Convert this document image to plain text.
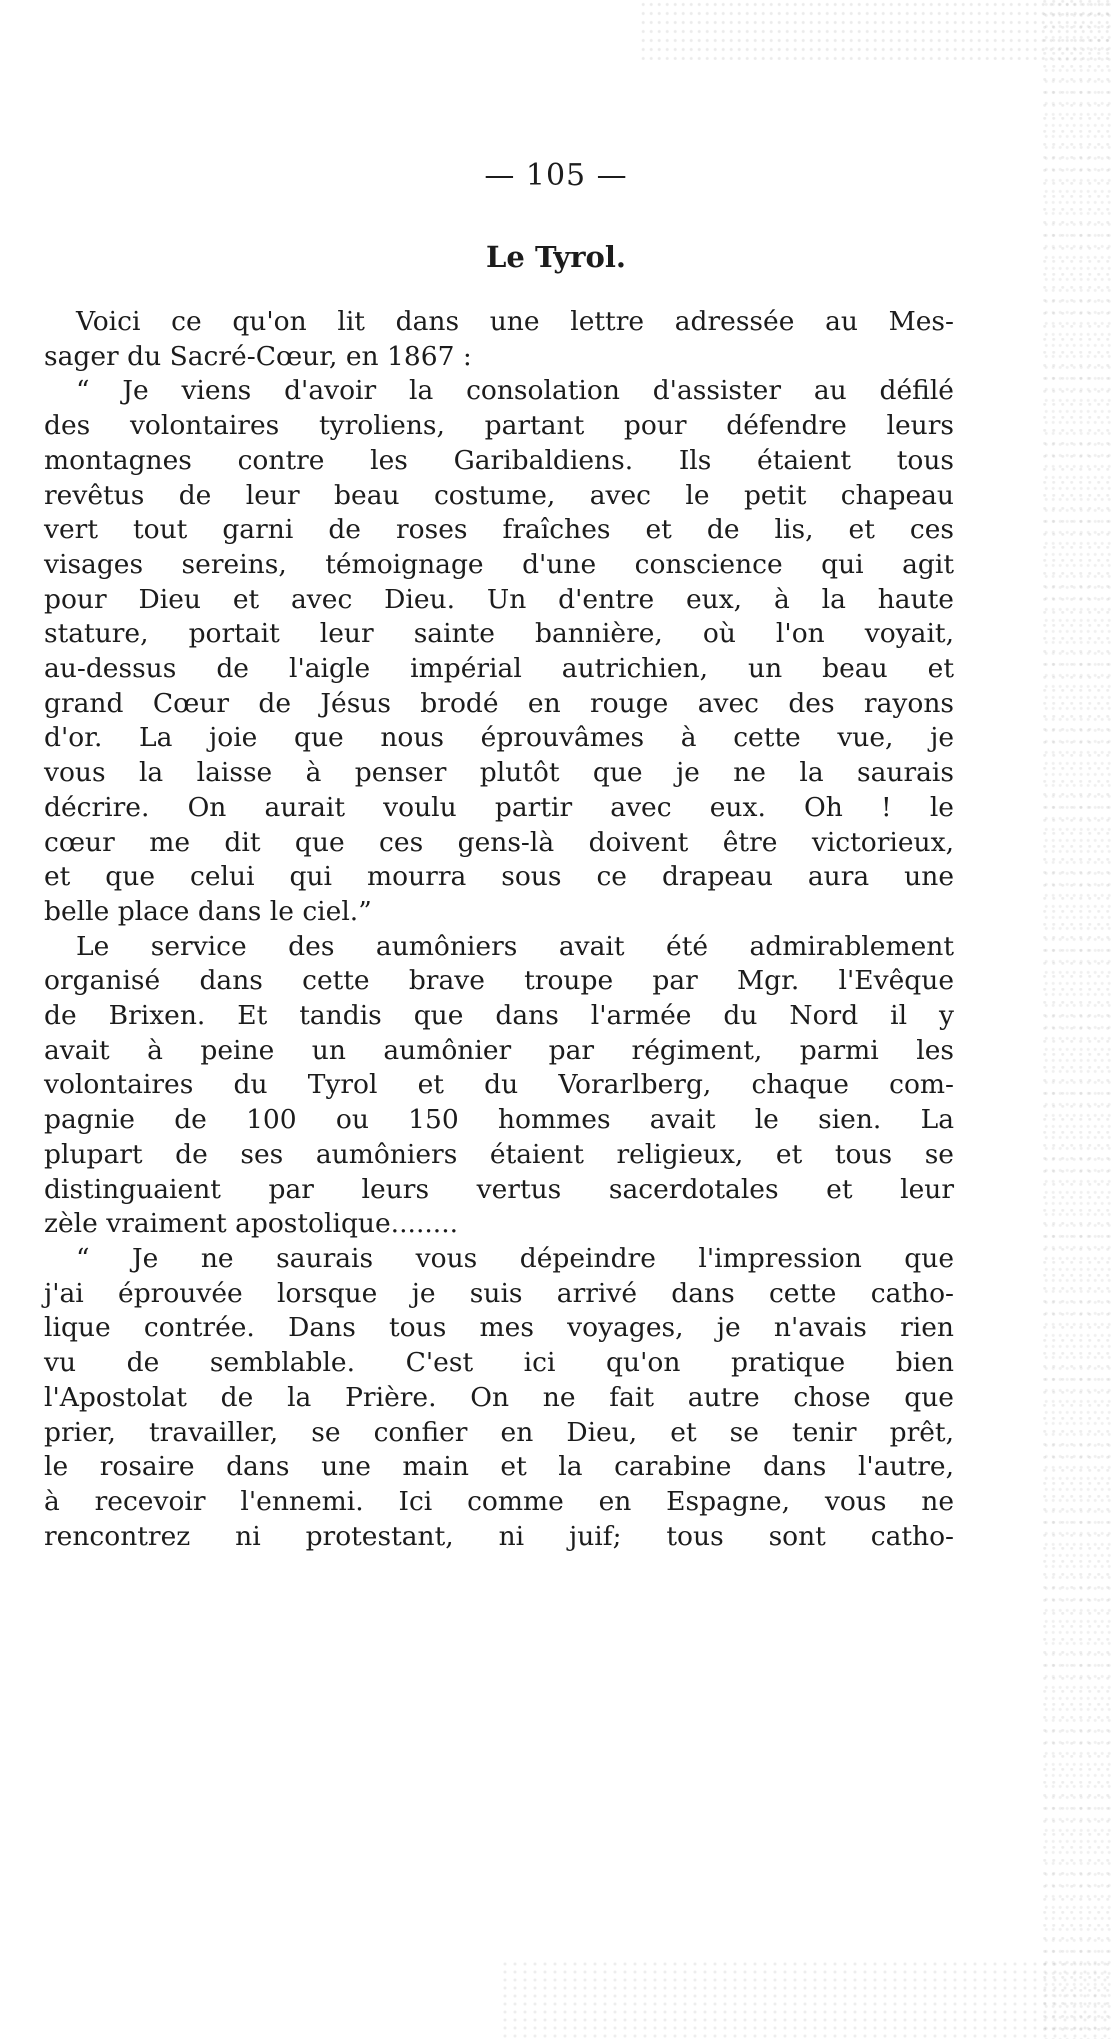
— 105 —
Le Tyrol.
Voici ce qu'on lit dans une lettre adressée au Mes-
sager du Sacré-Cœur, en 1867 :
“ Je viens d'avoir la consolation d'assister au défilé
des volontaires tyroliens, partant pour défendre leurs
montagnes contre les Garibaldiens. Ils étaient tous
revêtus de leur beau costume, avec le petit chapeau
vert tout garni de roses fraîches et de lis, et ces
visages sereins, témoignage d'une conscience qui agit
pour Dieu et avec Dieu. Un d'entre eux, à la haute
stature, portait leur sainte bannière, où l'on voyait,
au-dessus de l'aigle impérial autrichien, un beau et
grand Cœur de Jésus brodé en rouge avec des rayons
d'or. La joie que nous éprouvâmes à cette vue, je
vous la laisse à penser plutôt que je ne la saurais
décrire. On aurait voulu partir avec eux. Oh ! le
cœur me dit que ces gens-là doivent être victorieux,
et que celui qui mourra sous ce drapeau aura une
belle place dans le ciel.”
Le service des aumôniers avait été admirablement
organisé dans cette brave troupe par Mgr. l'Evêque
de Brixen. Et tandis que dans l'armée du Nord il y
avait à peine un aumônier par régiment, parmi les
volontaires du Tyrol et du Vorarlberg, chaque com-
pagnie de 100 ou 150 hommes avait le sien. La
plupart de ses aumôniers étaient religieux, et tous se
distinguaient par leurs vertus sacerdotales et leur
zèle vraiment apostolique........
“ Je ne saurais vous dépeindre l'impression que
j'ai éprouvée lorsque je suis arrivé dans cette catho-
lique contrée. Dans tous mes voyages, je n'avais rien
vu de semblable. C'est ici qu'on pratique bien
l'Apostolat de la Prière. On ne fait autre chose que
prier, travailler, se confier en Dieu, et se tenir prêt,
le rosaire dans une main et la carabine dans l'autre,
à recevoir l'ennemi. Ici comme en Espagne, vous ne
rencontrez ni protestant, ni juif; tous sont catho-
